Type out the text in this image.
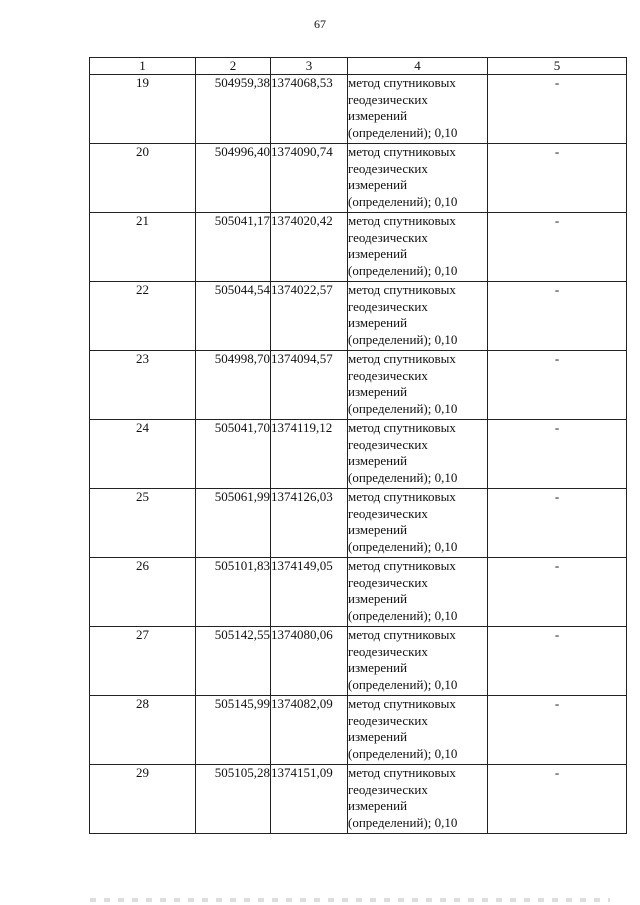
67
1	2	3	4	5
19	504959,38	1374068,53	метод спутниковых
геодезических
измерений
(определений); 0,10	-
20	504996,40	1374090,74	метод спутниковых
геодезических
измерений
(определений); 0,10	-
21	505041,17	1374020,42	метод спутниковых
геодезических
измерений
(определений); 0,10	-
22	505044,54	1374022,57	метод спутниковых
геодезических
измерений
(определений); 0,10	-
23	504998,70	1374094,57	метод спутниковых
геодезических
измерений
(определений); 0,10	-
24	505041,70	1374119,12	метод спутниковых
геодезических
измерений
(определений); 0,10	-
25	505061,99	1374126,03	метод спутниковых
геодезических
измерений
(определений); 0,10	-
26	505101,83	1374149,05	метод спутниковых
геодезических
измерений
(определений); 0,10	-
27	505142,55	1374080,06	метод спутниковых
геодезических
измерений
(определений); 0,10	-
28	505145,99	1374082,09	метод спутниковых
геодезических
измерений
(определений); 0,10	-
29	505105,28	1374151,09	метод спутниковых
геодезических
измерений
(определений); 0,10	-
